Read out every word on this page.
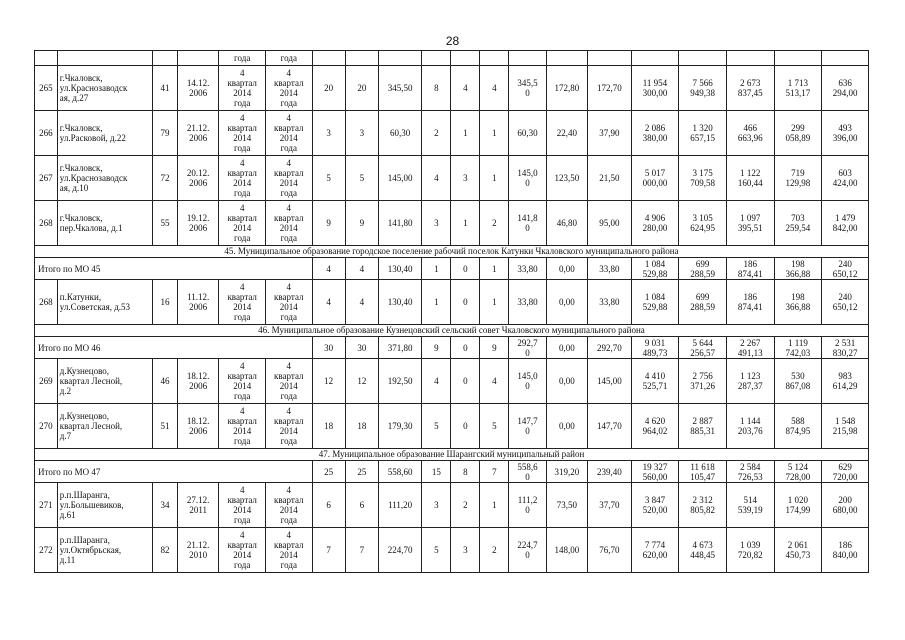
28
				года	года														
265	г.Чкаловск,
ул.Краснозаводск
ая, д.27	41	14.12.
2006	4
квартал
2014
года	4
квартал
2014
года	20	20	345,50	8	4	4	345,5
0	172,80	172,70	11 954
300,00	7 566
949,38	2 673
837,45	1 713
513,17	636
294,00
266	г.Чкаловск,
ул.Расковой, д.22	79	21.12.
2006	4
квартал
2014
года	4
квартал
2014
года	3	3	60,30	2	1	1	60,30	22,40	37,90	2 086
380,00	1 320
657,15	466
663,96	299
058,89	493
396,00
267	г.Чкаловск,
ул.Краснозаводск
ая, д.10	72	20.12.
2006	4
квартал
2014
года	4
квартал
2014
года	5	5	145,00	4	3	1	145,0
0	123,50	21,50	5 017
000,00	3 175
709,58	1 122
160,44	719
129,98	603
424,00
268	г.Чкаловск,
пер.Чкалова, д.1	55	19.12.
2006	4
квартал
2014
года	4
квартал
2014
года	9	9	141,80	3	1	2	141,8
0	46,80	95,00	4 906
280,00	3 105
624,95	1 097
395,51	703
259,54	1 479
842,00
45. Муниципальное образование городское поселение рабочий поселок Катунки Чкаловского муниципального района																			
Итого по МО 45						4	4	130,40	1	0	1	33,80	0,00	33,80	1 084
529,88	699
288,59	186
874,41	198
366,88	240
650,12
268	п.Катунки,
ул.Советская, д.53	16	11.12.
2006	4
квартал
2014
года	4
квартал
2014
года	4	4	130,40	1	0	1	33,80	0,00	33,80	1 084
529,88	699
288,59	186
874,41	198
366,88	240
650,12
46. Муниципальное образование Кузнецовский сельский совет Чкаловского муниципального района																			
Итого по МО 46						30	30	371,80	9	0	9	292,7
0	0,00	292,70	9 031
489,73	5 644
256,57	2 267
491,13	1 119
742,03	2 531
830,27
269	д.Кузнецово,
квартал Лесной,
д.2	46	18.12.
2006	4
квартал
2014
года	4
квартал
2014
года	12	12	192,50	4	0	4	145,0
0	0,00	145,00	4 410
525,71	2 756
371,26	1 123
287,37	530
867,08	983
614,29
270	д.Кузнецово,
квартал Лесной,
д.7	51	18.12.
2006	4
квартал
2014
года	4
квартал
2014
года	18	18	179,30	5	0	5	147,7
0	0,00	147,70	4 620
964,02	2 887
885,31	1 144
203,76	588
874,95	1 548
215,98
47. Муниципальное образование Шарангский муниципальный район																			
Итого по МО 47						25	25	558,60	15	8	7	558,6
0	319,20	239,40	19 327
560,00	11 618
105,47	2 584
726,53	5 124
728,00	629
720,00
271	р.п.Шаранга,
ул.Большевиков,
д.61	34	27.12.
2011	4
квартал
2014
года	4
квартал
2014
года	6	6	111,20	3	2	1	111,2
0	73,50	37,70	3 847
520,00	2 312
805,82	514
539,19	1 020
174,99	200
680,00
272	р.п.Шаранга,
ул.Октябрьская,
д.11	82	21.12.
2010	4
квартал
2014
года	4
квартал
2014
года	7	7	224,70	5	3	2	224,7
0	148,00	76,70	7 774
620,00	4 673
448,45	1 039
720,82	2 061
450,73	186
840,00
